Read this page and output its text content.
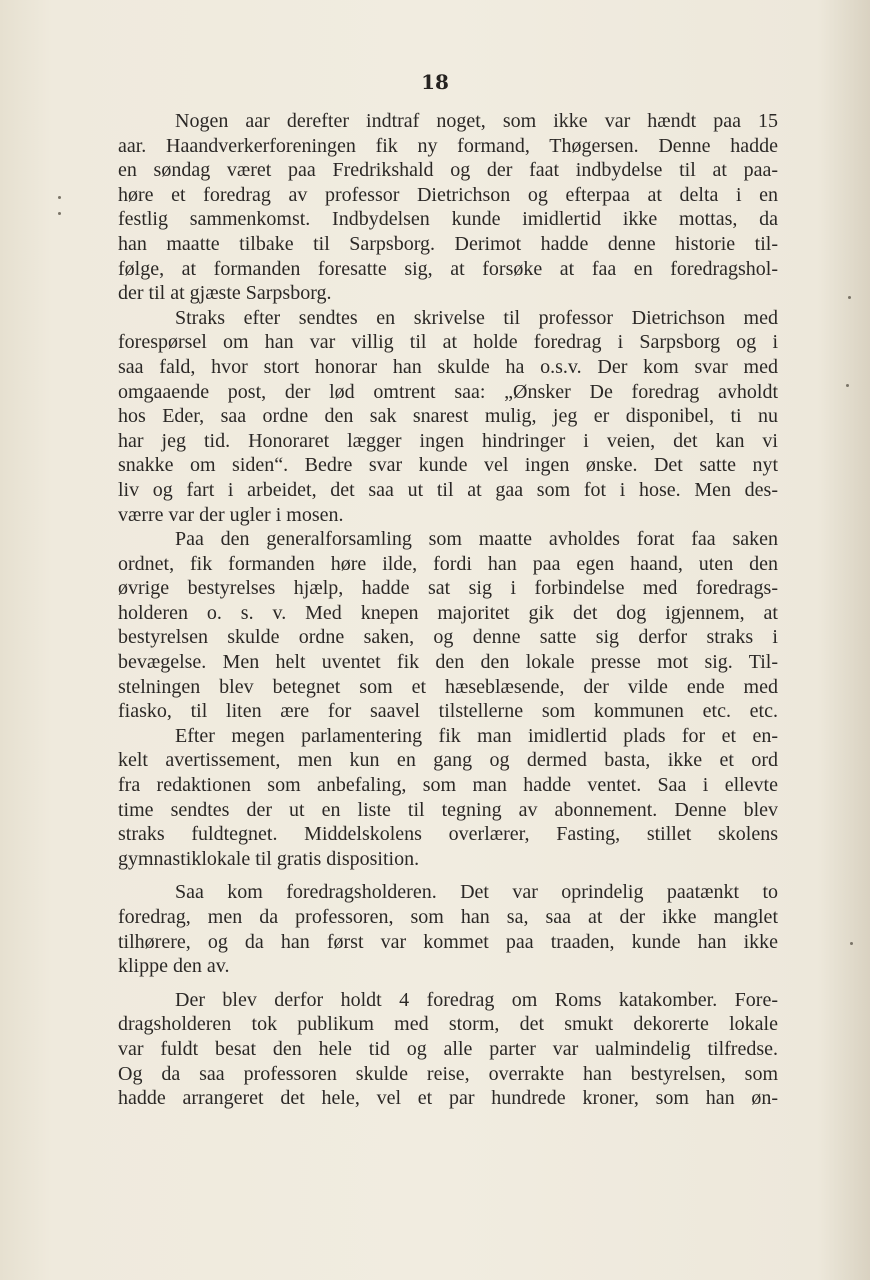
18
Nogen aar derefter indtraf noget, som ikke var hændt paa 15
aar. Haandverkerforeningen fik ny formand, Thøgersen. Denne hadde
en søndag været paa Fredrikshald og der faat indbydelse til at paa-
høre et foredrag av professor Dietrichson og efterpaa at delta i en
festlig sammenkomst. Indbydelsen kunde imidlertid ikke mottas, da
han maatte tilbake til Sarpsborg. Derimot hadde denne historie til-
følge, at formanden foresatte sig, at forsøke at faa en foredragshol-
der til at gjæste Sarpsborg.
Straks efter sendtes en skrivelse til professor Dietrichson med
forespørsel om han var villig til at holde foredrag i Sarpsborg og i
saa fald, hvor stort honorar han skulde ha o.s.v. Der kom svar med
omgaaende post, der lød omtrent saa: „Ønsker De foredrag avholdt
hos Eder, saa ordne den sak snarest mulig, jeg er disponibel, ti nu
har jeg tid. Honoraret lægger ingen hindringer i veien, det kan vi
snakke om siden“. Bedre svar kunde vel ingen ønske. Det satte nyt
liv og fart i arbeidet, det saa ut til at gaa som fot i hose. Men des-
værre var der ugler i mosen.
Paa den generalforsamling som maatte avholdes forat faa saken
ordnet, fik formanden høre ilde, fordi han paa egen haand, uten den
øvrige bestyrelses hjælp, hadde sat sig i forbindelse med foredrags-
holderen o. s. v. Med knepen majoritet gik det dog igjennem, at
bestyrelsen skulde ordne saken, og denne satte sig derfor straks i
bevægelse. Men helt uventet fik den den lokale presse mot sig. Til-
stelningen blev betegnet som et hæseblæsende, der vilde ende med
fiasko, til liten ære for saavel tilstellerne som kommunen etc. etc.
Efter megen parlamentering fik man imidlertid plads for et en-
kelt avertissement, men kun en gang og dermed basta, ikke et ord
fra redaktionen som anbefaling, som man hadde ventet. Saa i ellevte
time sendtes der ut en liste til tegning av abonnement. Denne blev
straks fuldtegnet. Middelskolens overlærer, Fasting, stillet skolens
gymnastiklokale til gratis disposition.
Saa kom foredragsholderen. Det var oprindelig paatænkt to
foredrag, men da professoren, som han sa, saa at der ikke manglet
tilhørere, og da han først var kommet paa traaden, kunde han ikke
klippe den av.
Der blev derfor holdt 4 foredrag om Roms katakomber. Fore-
dragsholderen tok publikum med storm, det smukt dekorerte lokale
var fuldt besat den hele tid og alle parter var ualmindelig tilfredse.
Og da saa professoren skulde reise, overrakte han bestyrelsen, som
hadde arrangeret det hele, vel et par hundrede kroner, som han øn-
